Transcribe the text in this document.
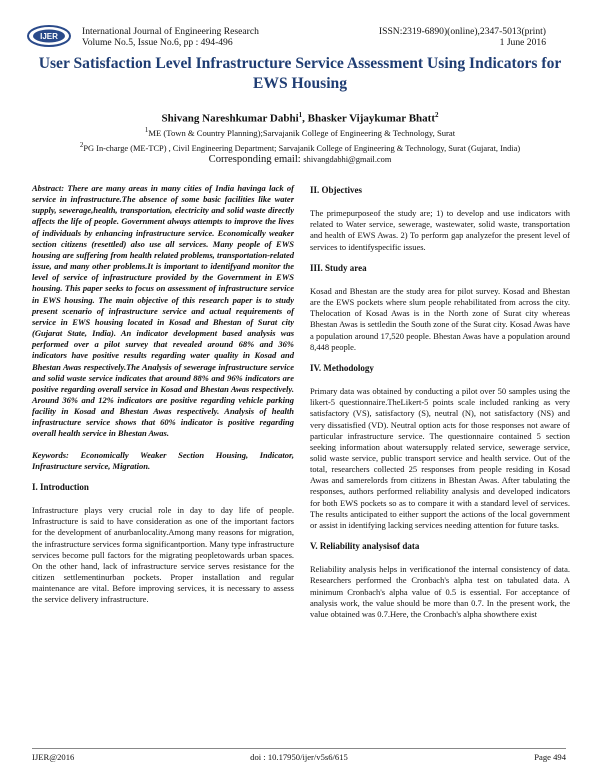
IJER	International Journal of Engineering Research
Volume No.5, Issue No.6, pp : 494-496
ISSN:2319-6890)(online),2347-5013(print)
1 June 2016
User Satisfaction Level Infrastructure Service Assessment Using Indicators for EWS Housing
Shivang Nareshkumar Dabhi$^1$, Bhasker Vijaykumar Bhatt$^2$
$^1$ME (Town & Country Planning);Sarvajanik College of Engineering & Technology, Surat
$^2$PG In-charge (ME-TCP) , Civil Engineering Department; Sarvajanik College of Engineering & Technology, Surat (Gujarat, India)
Corresponding email: shivangdabhi@gmail.com

Abstract: There are many areas in many cities of India havinga lack of service in infrastructure.The absence of some basic facilities like water supply, sewerage,health, transportation, electricity and solid waste directly affects the life of people. Government always attempts to improve the lives of individuals by enhancing infrastructure service. Economically weaker section citizens (resettled) also use all services. Many people of EWS housing are suffering from health related problems, transportation-related issue, and many other problems.It is important to identifyand monitor the level of service of infrastructure provided by the Government in EWS housing. This paper seeks to focus on assessment of infrastructure service in EWS housing. The main objective of this research paper is to study present scenario of infrastructure service and actual requirements of service in EWS housing located in Kosad and Bhestan of Surat city (Gujarat State, India). An indicator development based analysis was performed over a pilot survey that revealed around 68% and 36% indicators have positive results regarding water quality in Kosad and Bhestan Awas respectively.The Analysis of sewerage infrastructure service and solid waste service indicates that around 88% and 96% indicators are positive regarding overall service in Kosad and Bhestan Awas respectively. Around 36% and 12% indicators are positive regarding vehicle parking facility in Kosad and Bhestan Awas respectively. Analysis of health infrastructure service shows that 60% indicator is positive regarding overall health service in Bhestan Awas.

Keywords: Economically Weaker Section Housing, Indicator, Infrastructure service, Migration.

I. Introduction

Infrastructure plays very crucial role in day to day life of people. Infrastructure is said to have consideration as one of the important factors for the development of anurbanlocality.Among many reasons for migration, the infrastructure services forma significantportion. Many type infrastructure services become pull factors for the migrating peopletowards urban spaces. On the other hand, lack of infrastructure service serves resistance for the citizen settlementinurban pockets. Proper installation and regular maintenance are vital. Before improving services, it is necessary to assess the service delivery infrastructure.

II. Objectives

The primepurposeof the study are; 1) to develop and use indicators with related to Water service, sewerage, wastewater, solid waste, transportation and health of EWS Awas. 2) To perform gap analyzefor the present level of services to identifyspecific issues.

III. Study area

Kosad and Bhestan are the study area for pilot survey. Kosad and Bhestan are the EWS pockets where slum people rehabilitated from across the city. Thelocation of Kosad Awas is in the North zone of Surat city whereas Bhestan Awas is settledin the South zone of the Surat city. Kosad Awas have a population around 17,520 people. Bhestan Awas have a population around 8,448 people.

IV. Methodology

Primary data was obtained by conducting a pilot over 50 samples using the likert-5 questionnaire.TheLikert-5 points scale included ranking as very satisfactory (VS), satisfactory (S), neutral (N), not satisfactory (NS) and very dissatisfied (VD). Neutral option acts for those responses not aware of particular infrastructure service. The questionnaire contained 5 section seeking information about watersupply related service, sewerage service, solid waste service, public transport service and health service. Out of the total, researchers collected 25 responses from people residing in Kosad Awas and samerelords from citizens in Bhestan Awas. After tabulating the responses, authors performed reliability analysis and developed indicators for both EWS pockets so as to compare it with a standard level of services. The results anticipated to either support the actions of the local government or assist in identifying lacking services needing attention for future tasks.

V. Reliability analysisof data

Reliability analysis helps in verificationof the internal consistency of data. Researchers performed the Cronbach's alpha test on tabulated data. A minimum Cronbach's alpha value of 0.5 is essential. For acceptance of analysis work, the value should be more than 0.7. In the present work, the value obtained was 0.7.Here, the Cronbach's alpha showthere exist

IJER@2016	doi : 10.17950/ijer/v5s6/615	Page 494
